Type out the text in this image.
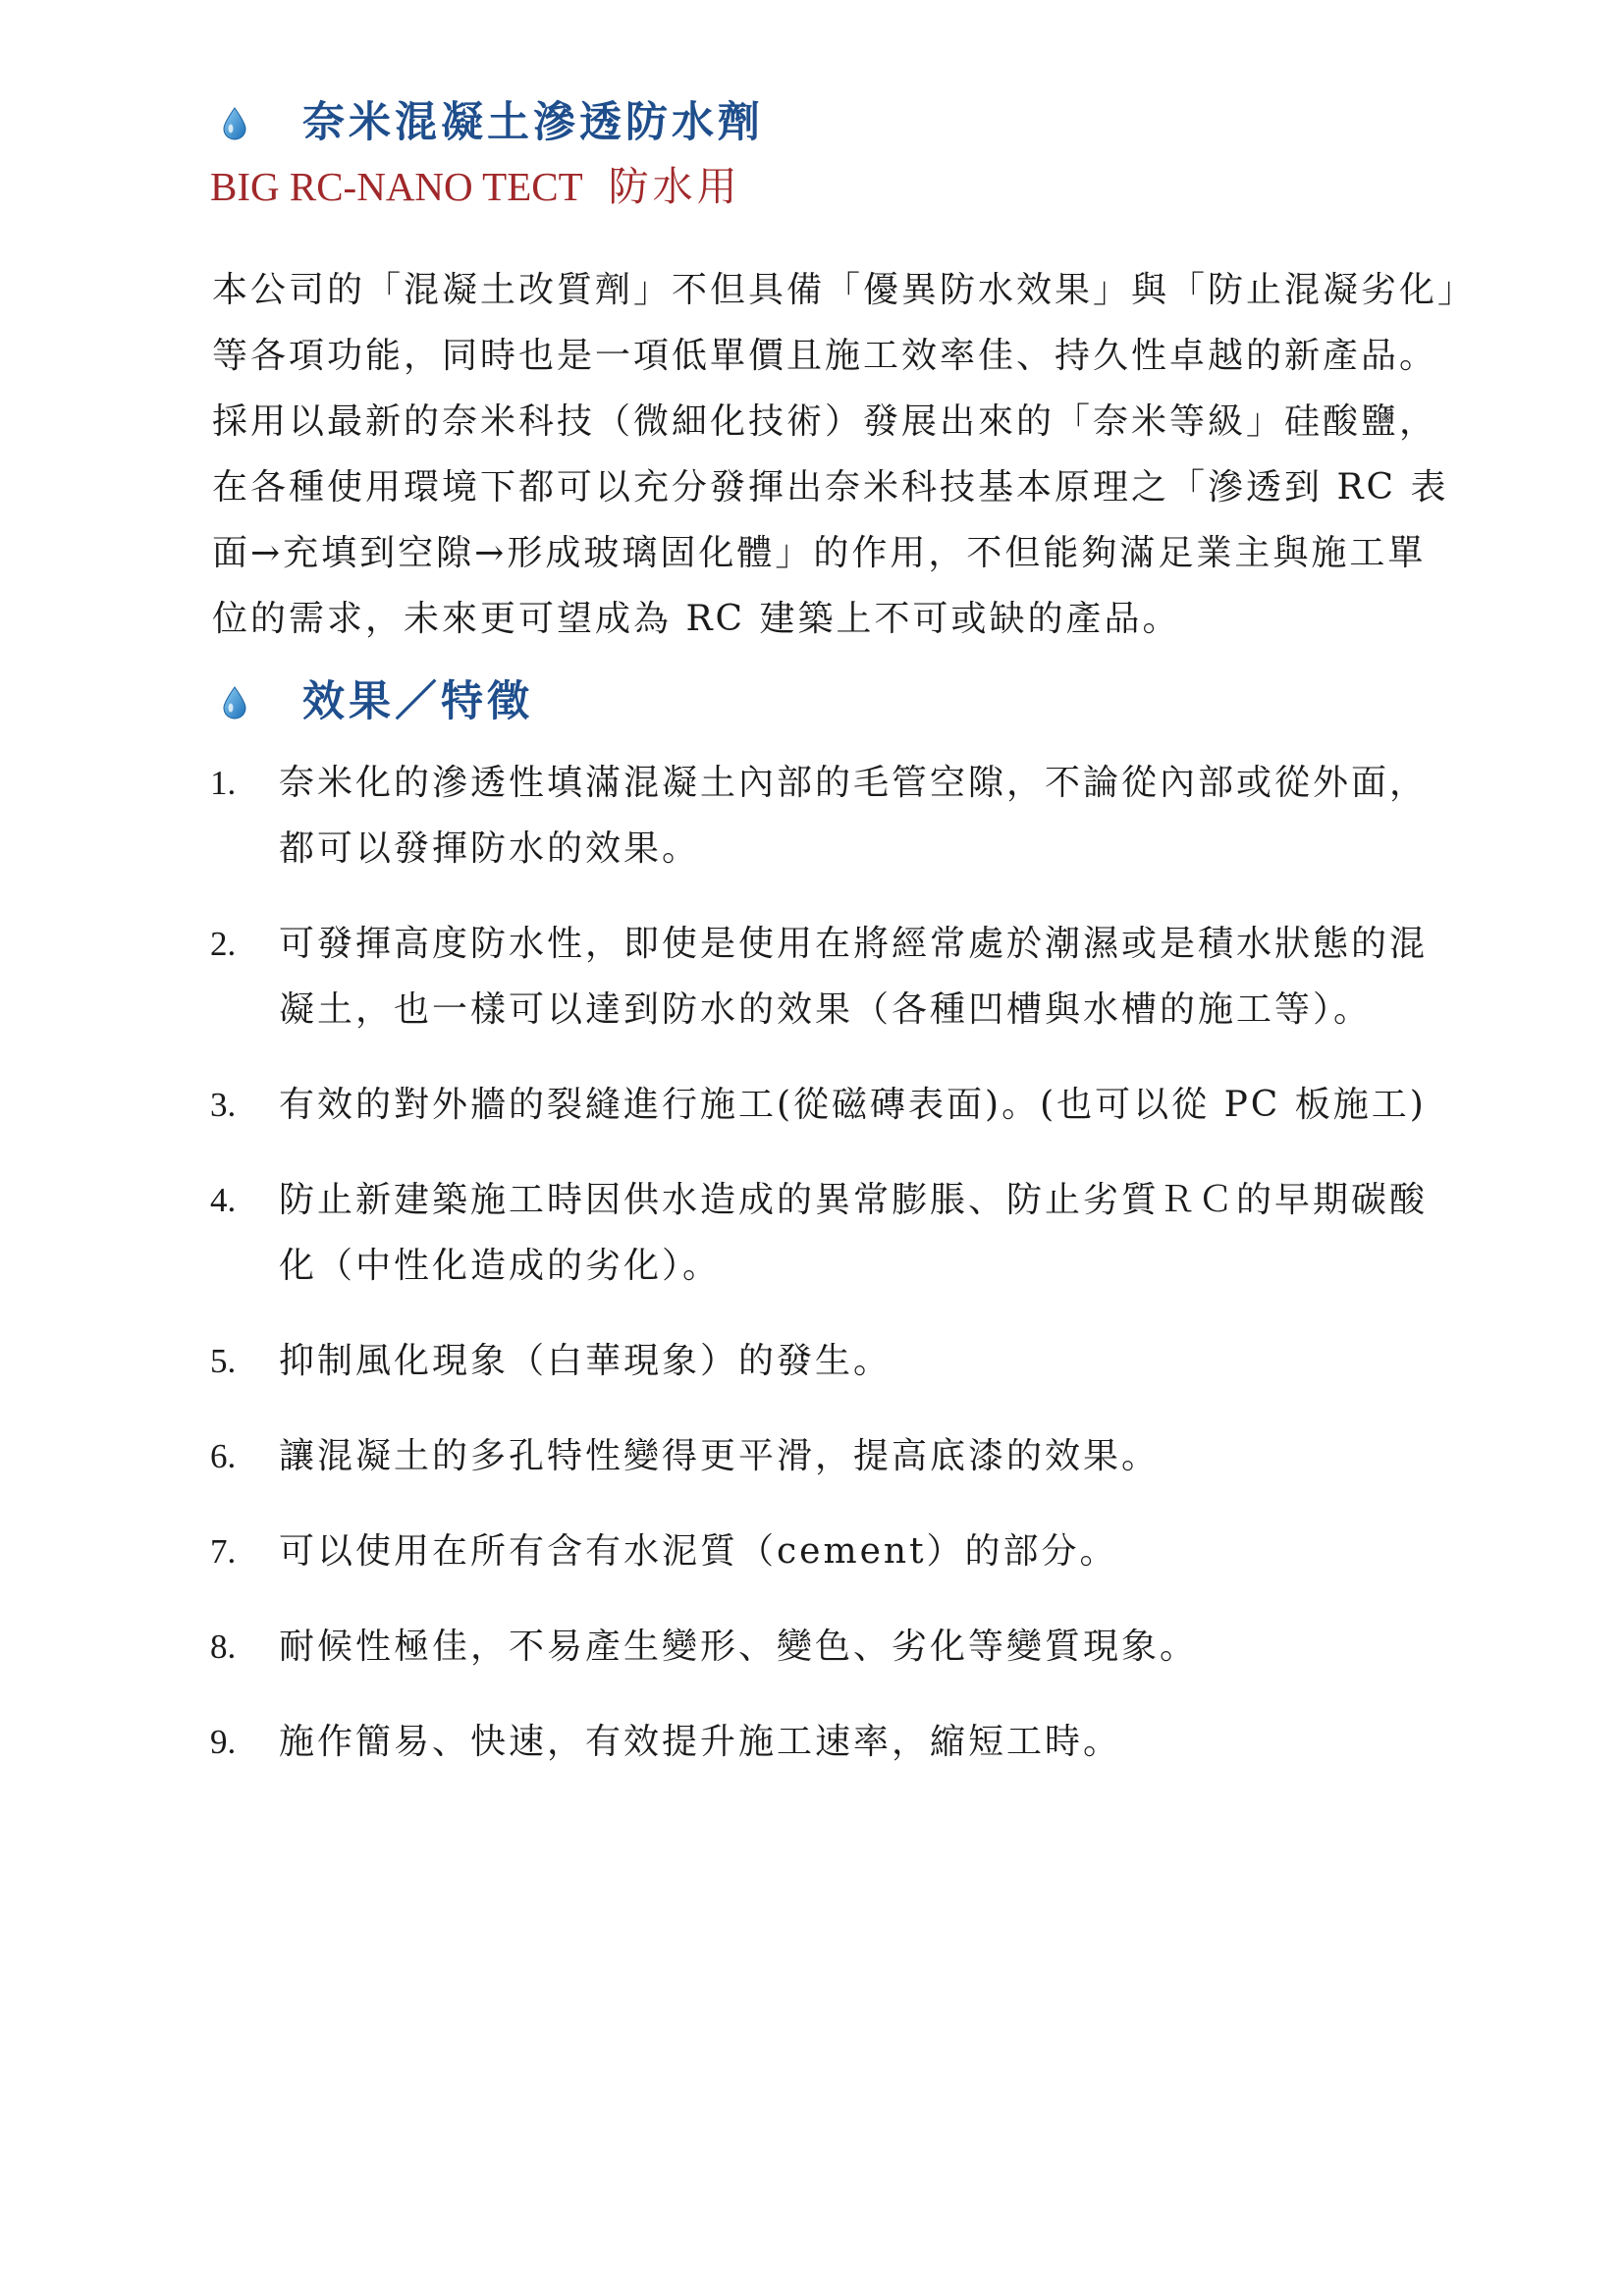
奈米混凝土滲透防水劑
BIG RC-NANO TECT 防水用
本公司的「混凝土改質劑」不但具備「優異防水效果」與「防止混凝劣化」
等各項功能，同時也是一項低單價且施工效率佳、持久性卓越的新產品。
採用以最新的奈米科技（微細化技術）發展出來的「奈米等級」硅酸鹽，
在各種使用環境下都可以充分發揮出奈米科技基本原理之「滲透到 RC 表
面→充填到空隙→形成玻璃固化體」的作用，不但能夠滿足業主與施工單
位的需求，未來更可望成為 RC 建築上不可或缺的產品。
效果／特徵
1. 奈米化的滲透性填滿混凝土內部的毛管空隙，不論從內部或從外面，
都可以發揮防水的效果。
2. 可發揮高度防水性，即使是使用在將經常處於潮濕或是積水狀態的混
凝土，也一樣可以達到防水的效果（各種凹槽與水槽的施工等）。
3. 有效的對外牆的裂縫進行施工(從磁磚表面)。(也可以從 PC 板施工)
4. 防止新建築施工時因供水造成的異常膨脹、防止劣質ＲＣ的早期碳酸
化（中性化造成的劣化）。
5. 抑制風化現象（白華現象）的發生。
6. 讓混凝土的多孔特性變得更平滑，提高底漆的效果。
7. 可以使用在所有含有水泥質（cement）的部分。
8. 耐候性極佳，不易產生變形、變色、劣化等變質現象。
9. 施作簡易、快速，有效提升施工速率，縮短工時。
